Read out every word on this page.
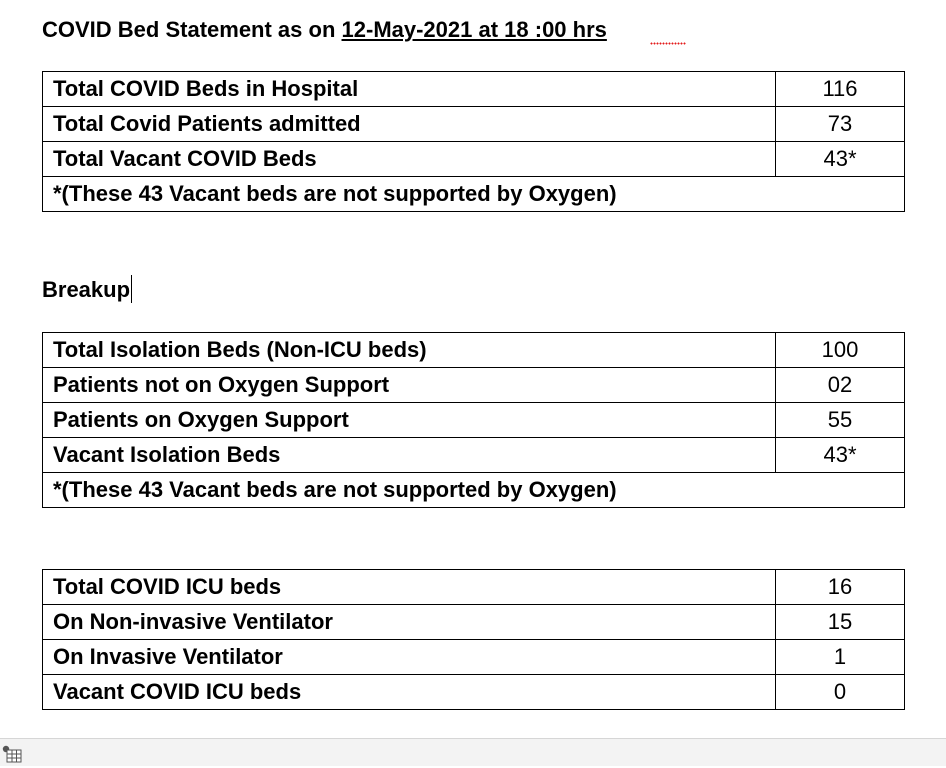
COVID Bed Statement as on 12-May-2021 at 18 :00 hrs
Total COVID Beds in Hospital	116
Total Covid Patients admitted	73
Total Vacant COVID Beds	43*
*(These 43 Vacant beds are not supported by Oxygen)	
Breakup
Total Isolation Beds (Non-ICU beds)	100
Patients not on Oxygen Support	02
Patients on Oxygen Support	55
Vacant Isolation Beds	43*
*(These 43 Vacant beds are not supported by Oxygen)	
Total COVID ICU beds	16
On Non-invasive Ventilator	15
On Invasive Ventilator	1
Vacant COVID ICU beds	0
